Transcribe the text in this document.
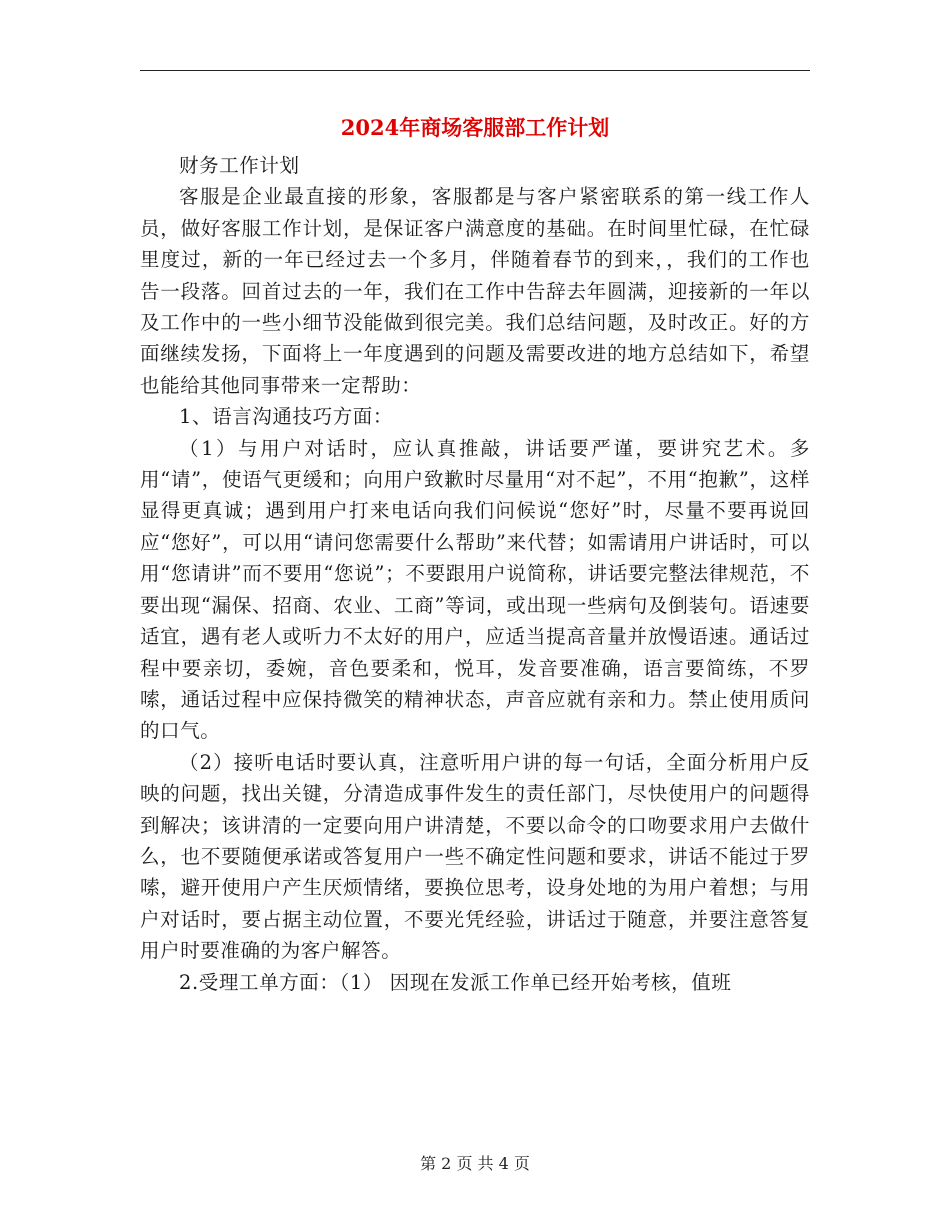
2024年商场客服部工作计划

财务工作计划

客服是企业最直接的形象，客服都是与客户紧密联系的第一线工作人员，做好客服工作计划，是保证客户满意度的基础。在时间里忙碌，在忙碌里度过，新的一年已经过去一个多月，伴随着春节的到来，，我们的工作也告一段落。回首过去的一年，我们在工作中告辞去年圆满，迎接新的一年以及工作中的一些小细节没能做到很完美。我们总结问题，及时改正。好的方面继续发扬，下面将上一年度遇到的问题及需要改进的地方总结如下，希望也能给其他同事带来一定帮助：

1、语言沟通技巧方面：

（1）与用户对话时，应认真推敲，讲话要严谨，要讲究艺术。多用“请”，使语气更缓和；向用户致歉时尽量用“对不起”，不用“抱歉”，这样显得更真诚；遇到用户打来电话向我们问候说“您好”时，尽量不要再说回应“您好”，可以用“请问您需要什么帮助”来代替；如需请用户讲话时，可以用“您请讲”而不要用“您说”；不要跟用户说简称，讲话要完整法律规范，不要出现“漏保、招商、农业、工商”等词，或出现一些病句及倒装句。语速要适宜，遇有老人或听力不太好的用户，应适当提高音量并放慢语速。通话过程中要亲切，委婉，音色要柔和，悦耳，发音要准确，语言要简练，不罗嗦，通话过程中应保持微笑的精神状态，声音应就有亲和力。禁止使用质问的口气。

（2）接听电话时要认真，注意听用户讲的每一句话，全面分析用户反映的问题，找出关键，分清造成事件发生的责任部门，尽快使用户的问题得到解决；该讲清的一定要向用户讲清楚，不要以命令的口吻要求用户去做什么，也不要随便承诺或答复用户一些不确定性问题和要求，讲话不能过于罗嗦，避开使用户产生厌烦情绪，要换位思考，设身处地的为用户着想；与用户对话时，要占据主动位置，不要光凭经验，讲话过于随意，并要注意答复用户时要准确的为客户解答。

2.受理工单方面：（1） 因现在发派工作单已经开始考核，值班

第 2 页 共 4 页
